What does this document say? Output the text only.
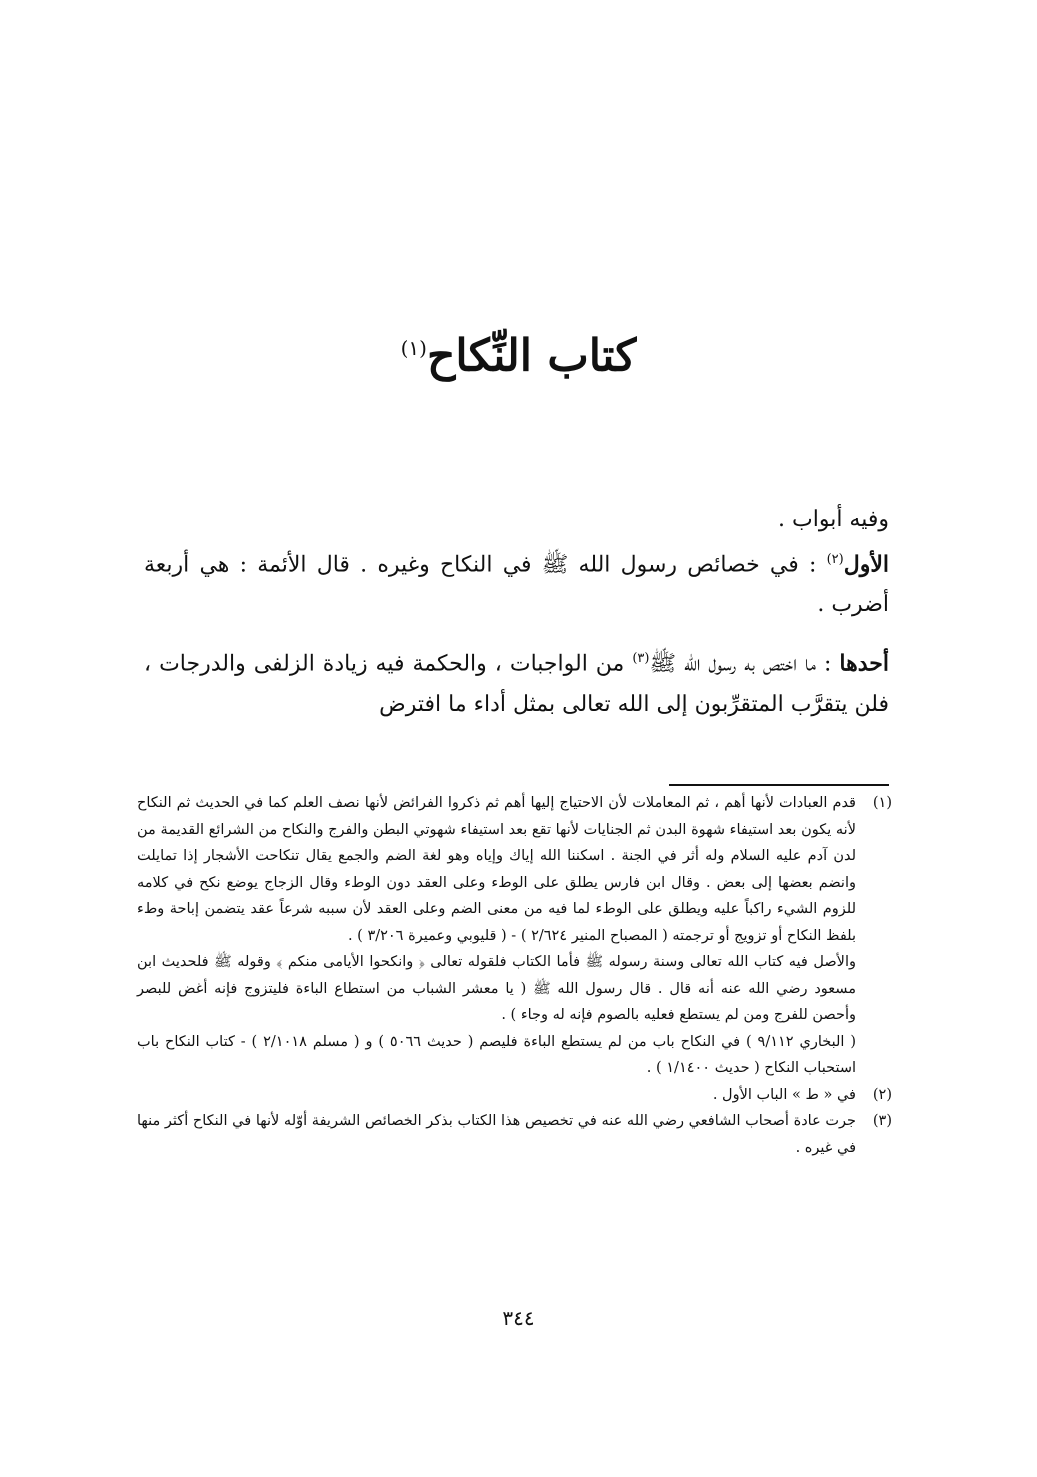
كتاب النِّكاح$^{(١)}$

وفيه أبواب .

الأول$^{(٢)}$ : في خصائص رسول الله ﷺ في النكاح وغيره . قال الأئمة : هي أربعة أضرب .

أحدها : ما اختص به رسول الله ﷺ$^{(٣)}$ من الواجبات ، والحكمة فيه زيادة الزلفى والدرجات ، فلن يتقرَّب المتقرِّبون إلى الله تعالى بمثل أداء ما افترض

(١)

قدم العبادات لأنها أهم ، ثم المعاملات لأن الاحتياج إليها أهم ثم ذكروا الفرائض لأنها نصف العلم كما في الحديث ثم النكاح لأنه يكون بعد استيفاء شهوة البدن ثم الجنايات لأنها تقع بعد استيفاء شهوتي البطن والفرج والنكاح من الشرائع القديمة من لدن آدم عليه السلام وله أثر في الجنة . اسكننا الله إياك وإياه وهو لغة الضم والجمع يقال تنكاحت الأشجار إذا تمايلت وانضم بعضها إلى بعض . وقال ابن فارس يطلق على الوطء وعلى العقد دون الوطء وقال الزجاج يوضع نكح في كلامه للزوم الشيء راكباً عليه ويطلق على الوطء لما فيه من معنى الضم وعلى العقد لأن سببه شرعاً عقد يتضمن إباحة وطء بلفظ النكاح أو تزويج أو ترجمته ( المصباح المنير ٢/٦٢٤ ) - ( قليوبي وعميرة ٣/٢٠٦ ) .

والأصل فيه كتاب الله تعالى وسنة رسوله ﷺ فأما الكتاب فلقوله تعالى ﴿ وانكحوا الأيامى منكم ﴾ وقوله ﷺ فلحديث ابن مسعود رضي الله عنه أنه قال . قال رسول الله ﷺ ( يا معشر الشباب من استطاع الباءة فليتزوج فإنه أغض للبصر وأحصن للفرج ومن لم يستطع فعليه بالصوم فإنه له وجاء ) .

( البخاري ٩/١١٢ ) في النكاح باب من لم يستطع الباءة فليصم ( حديث ٥٠٦٦ ) و ( مسلم ٢/١٠١٨ ) - كتاب النكاح باب استحباب النكاح ( حديث ١/١٤٠٠ ) .

(٢)

في « ط » الباب الأول .

(٣)

جرت عادة أصحاب الشافعي رضي الله عنه في تخصيص هذا الكتاب بذكر الخصائص الشريفة أوّله لأنها في النكاح أكثر منها في غيره .

٣٤٤
